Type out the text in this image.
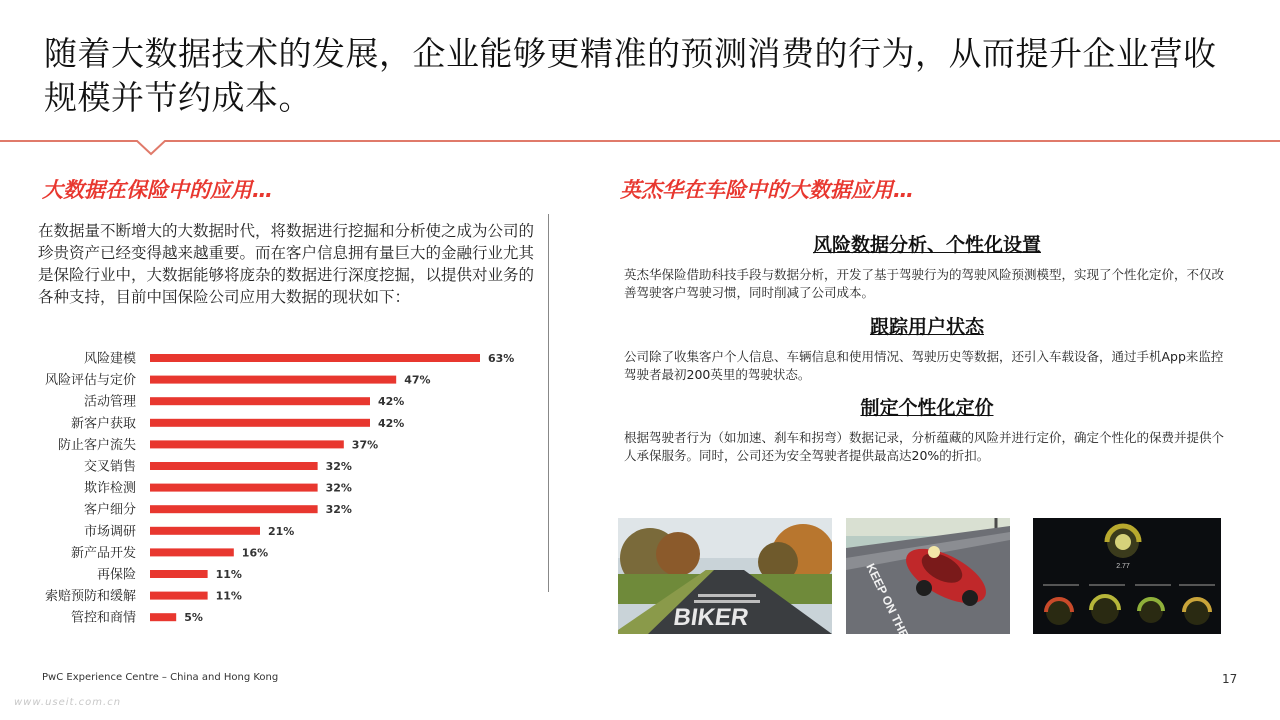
随着大数据技术的发展，企业能够更精准的预测消费的行为，从而提升企业营收规模并节约成本。
大数据在保险中的应用…
在数据量不断增大的大数据时代，将数据进行挖掘和分析使之成为公司的珍贵资产已经变得越来越重要。而在客户信息拥有量巨大的金融行业尤其是保险行业中，大数据能够将庞杂的数据进行深度挖掘，以提供对业务的各种支持，目前中国保险公司应用大数据的现状如下：
风险建模	63%
风险评估与定价	47%
活动管理	42%
新客户获取	42%
防止客户流失	37%
交叉销售	32%
欺诈检测	32%
客户细分	32%
市场调研	21%
新产品开发	16%
再保险	11%
索赔预防和缓解	11%
管控和商情	5%
英杰华在车险中的大数据应用…
风险数据分析、个性化设置
英杰华保险借助科技手段与数据分析，开发了基于驾驶行为的驾驶风险预测模型，实现了个性化定价，不仅改善驾驶客户驾驶习惯，同时削减了公司成本。
跟踪用户状态
公司除了收集客户个人信息、车辆信息和使用情况、驾驶历史等数据，还引入车载设备，通过手机App来监控驾驶者最初200英里的驾驶状态。
制定个性化定价
根据驾驶者行为（如加速、刹车和拐弯）数据记录，分析蕴藏的风险并进行定价，确定个性化的保费并提供个人承保服务。同时，公司还为安全驾驶者提供最高达20%的折扣。
BIKER
2.77
PwC Experience Centre – China and Hong Kong	17
www.useit.com.cn
